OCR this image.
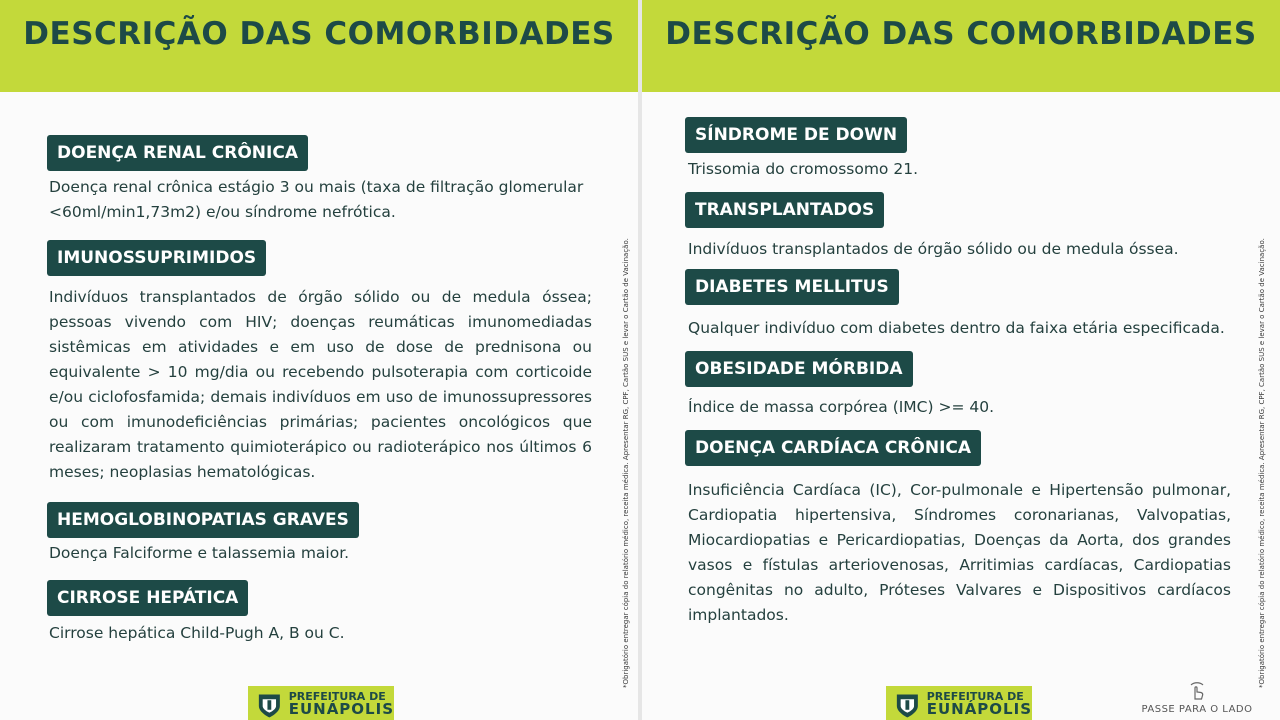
DESCRIÇÃO DAS COMORBIDADES
DOENÇA RENAL CRÔNICA
Doença renal crônica estágio 3 ou mais (taxa de filtração glomerular <60ml/min1,73m2) e/ou síndrome nefrótica.
IMUNOSSUPRIMIDOS
Indivíduos transplantados de órgão sólido ou de medula óssea; pessoas vivendo com HIV; doenças reumáticas imunomediadas sistêmicas em atividades e em uso de dose de prednisona ou equivalente > 10 mg/dia ou recebendo pulsoterapia com corticoide e/ou ciclofosfamida; demais indivíduos em uso de imunossupressores ou com imunodeficiências primárias; pacientes oncológicos que realizaram tratamento quimioterápico ou radioterápico nos últimos 6 meses; neoplasias hematológicas.
HEMOGLOBINOPATIAS GRAVES
Doença Falciforme e talassemia maior.
CIRROSE HEPÁTICA
Cirrose hepática Child-Pugh A, B ou C.	*Obrigatório entregar cópia do relatório médico, receita médica. Apresentar RG, CPF, Cartão SUS e levar o Cartão de Vacinação.
PREFEITURA DE
EUNÁPOLIS
DESCRIÇÃO DAS COMORBIDADES
SÍNDROME DE DOWN
Trissomia do cromossomo 21.
TRANSPLANTADOS
Indivíduos transplantados de órgão sólido ou de medula óssea.
DIABETES MELLITUS
Qualquer indivíduo com diabetes dentro da faixa etária especificada.
OBESIDADE MÓRBIDA
Índice de massa corpórea (IMC) >= 40.
DOENÇA CARDÍACA CRÔNICA
Insuficiência Cardíaca (IC), Cor-pulmonale e Hipertensão pulmonar, Cardiopatia hipertensiva, Síndromes coronarianas, Valvopatias, Miocardiopatias e Pericardiopatias, Doenças da Aorta, dos grandes vasos e fístulas arteriovenosas, Arritimias cardíacas, Cardiopatias congênitas no adulto, Próteses Valvares e Dispositivos cardíacos implantados.	*Obrigatório entregar cópia do relatório médico, receita médica. Apresentar RG, CPF, Cartão SUS e levar o Cartão de Vacinação.
PREFEITURA DE
EUNÁPOLIS	PASSE PARA O LADO
